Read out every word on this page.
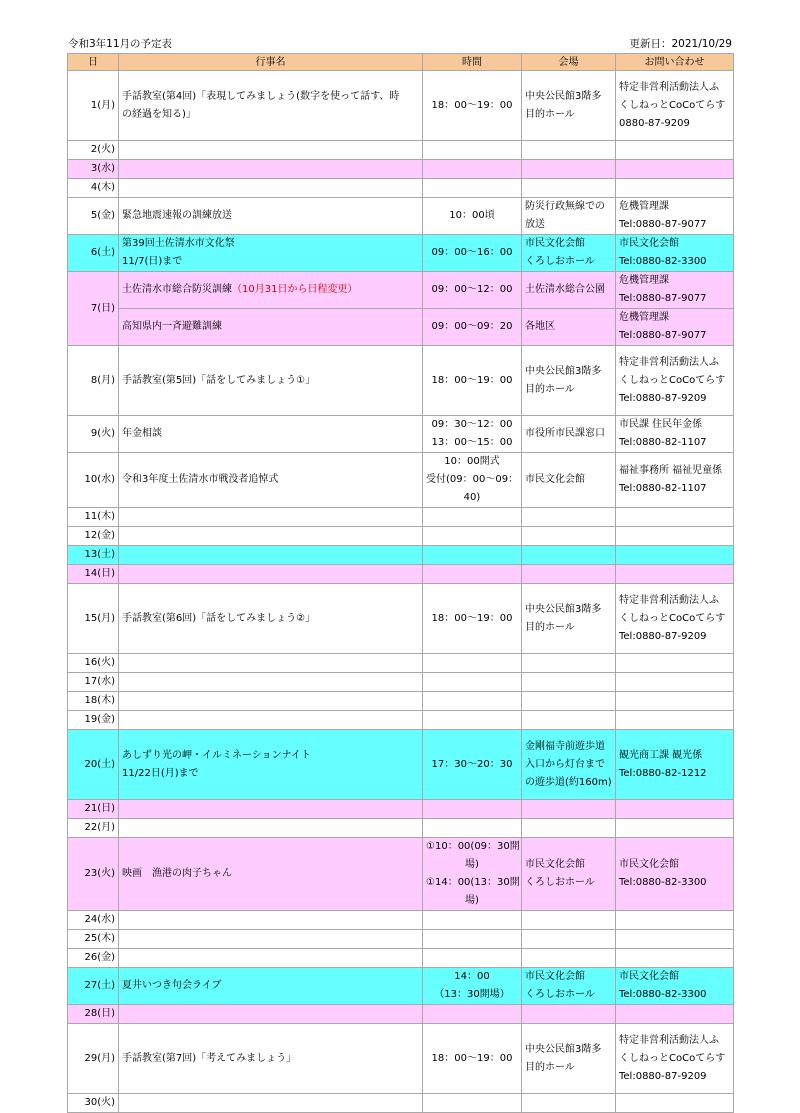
令和3年11月の予定表	更新日：2021/10/29
日	行事名	時間	会場	お問い合わせ
1(月)	手話教室(第4回)「表現してみましょう(数字を使って話す、時
の経過を知る)」	18：00～19：00	中央公民館3階多
目的ホール	特定非営利活動法人ふ
くしねっとCoCoてらす
0880-87-9209

2(火)				
3(水)				
4(木)				
5(金)	緊急地震速報の訓練放送	10：00頃	防災行政無線での
放送	危機管理課
Tel:0880-87-9077

6(土)	第39回土佐清水市文化祭
11/7(日)まで	09：00～16：00	市民文化会館
くろしおホール	市民文化会館
Tel:0880-82-3300

7(日)	土佐清水市総合防災訓練（10月31日から日程変更）	09：00～12：00	土佐清水総合公園	危機管理課
Tel:0880-87-9077

	高知県内一斉避難訓練	09：00～09：20	各地区	危機管理課
Tel:0880-87-9077

8(月)	手話教室(第5回)「話をしてみましょう①」	18：00～19：00	中央公民館3階多
目的ホール	特定非営利活動法人ふ
くしねっとCoCoてらす
Tel:0880-87-9209

9(火)	年金相談	09：30～12：00
13：00～15：00	市役所市民課窓口	市民課 住民年金係
Tel:0880-82-1107

10(水)	令和3年度土佐清水市戦没者追悼式	10：00開式
受付(09：00～09：
40)	市民文化会館	福祉事務所 福祉児童係
Tel:0880-82-1107

11(木)				
12(金)				
13(土)				
14(日)				
15(月)	手話教室(第6回)「話をしてみましょう②」	18：00～19：00	中央公民館3階多
目的ホール	特定非営利活動法人ふ
くしねっとCoCoてらす
Tel:0880-87-9209

16(火)				
17(水)				
18(木)				
19(金)				
20(土)	あしずり光の岬・イルミネーションナイト
11/22日(月)まで	17：30～20：30	金剛福寺前遊歩道
入口から灯台まで
の遊歩道(約160m)	観光商工課 観光係
Tel:0880-82-1212

21(日)				
22(月)				
23(火)	映画　漁港の肉子ちゃん	①10：00(09：30開
場)
①14：00(13：30開
場)	市民文化会館
くろしおホール	市民文化会館
Tel:0880-82-3300

24(水)				
25(木)				
26(金)				
27(土)	夏井いつき句会ライブ	14：00
（13：30開場）	市民文化会館
くろしおホール	市民文化会館
Tel:0880-82-3300

28(日)				
29(月)	手話教室(第7回)「考えてみましょう」	18：00～19：00	中央公民館3階多
目的ホール	特定非営利活動法人ふ
くしねっとCoCoてらす
Tel:0880-87-9209

30(火)				
